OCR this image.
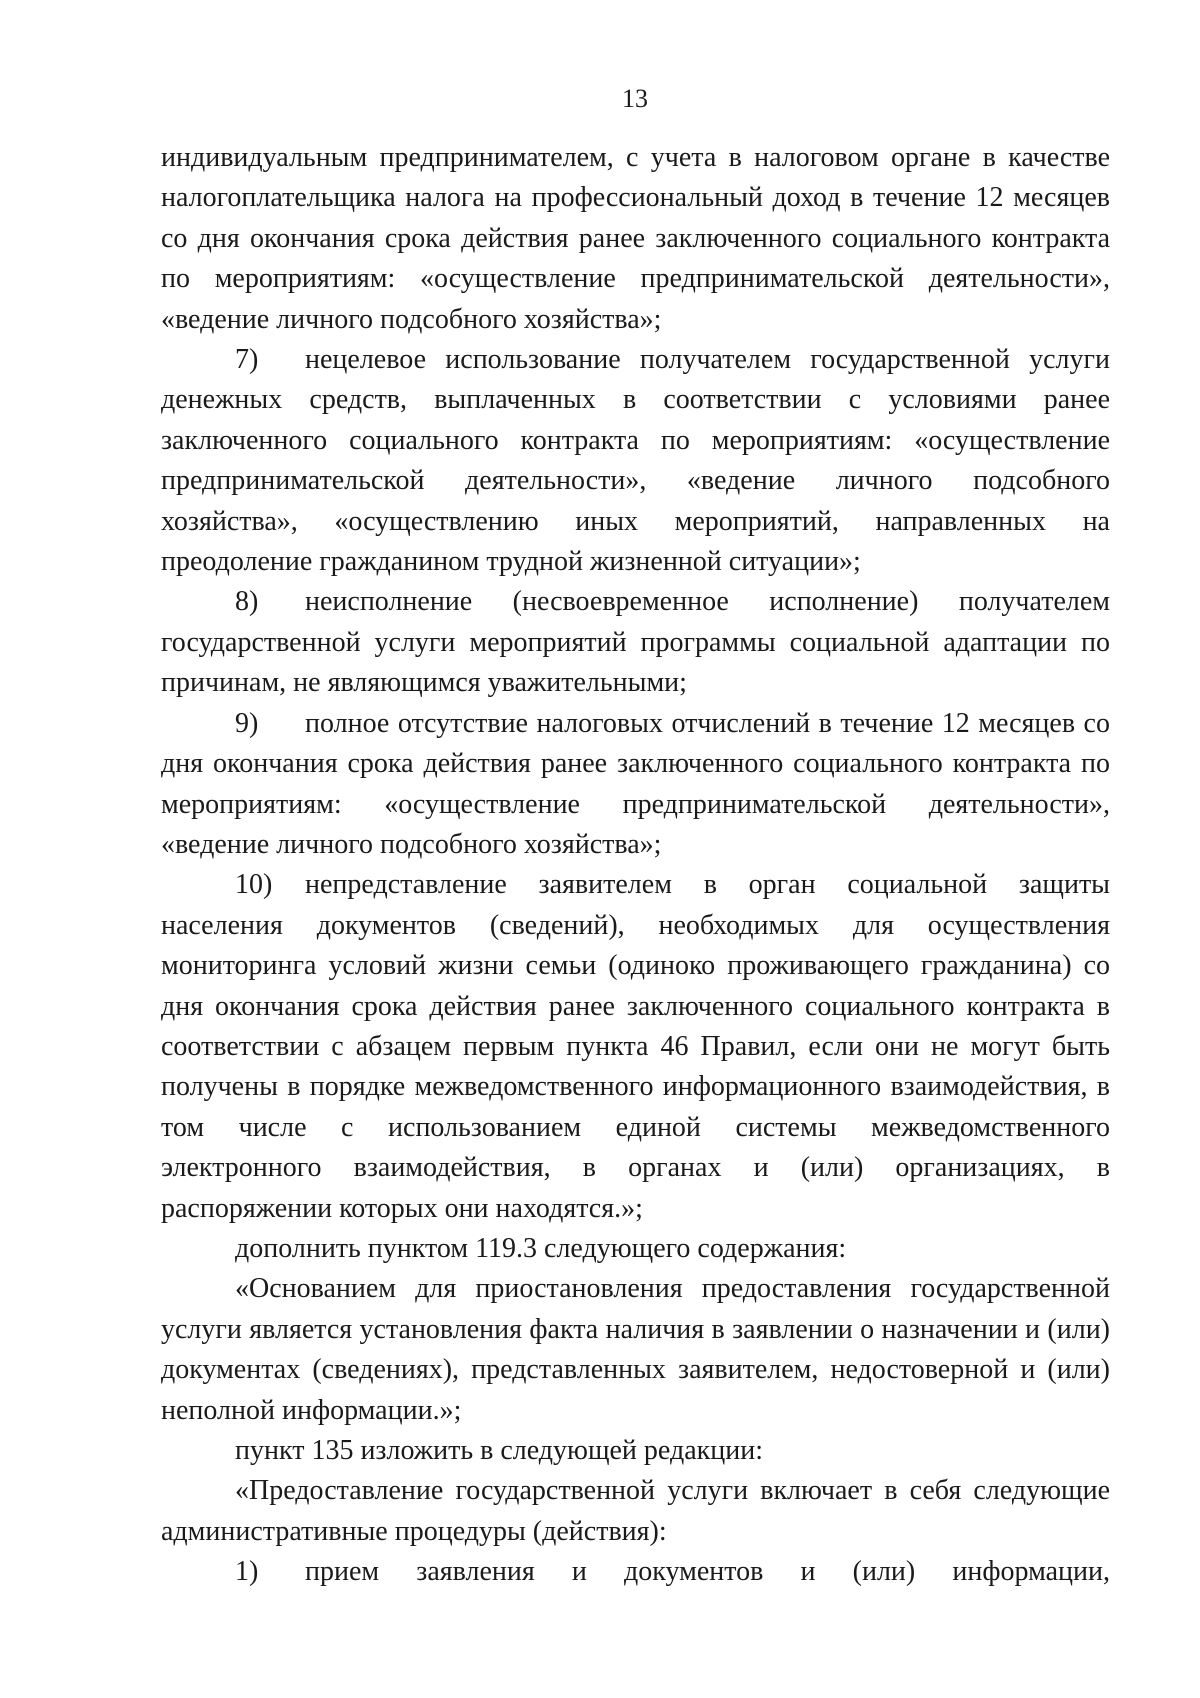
13

индивидуальным предпринимателем, с учета в налоговом органе в качестве налогоплательщика налога на профессиональный доход в течение 12 месяцев со дня окончания срока действия ранее заключенного социального контракта по мероприятиям: «осуществление предпринимательской деятельности», «ведение личного подсобного хозяйства»;

7) нецелевое использование получателем государственной услуги денежных средств, выплаченных в соответствии с условиями ранее заключенного социального контракта по мероприятиям: «осуществление предпринимательской деятельности», «ведение личного подсобного хозяйства», «осуществлению иных мероприятий, направленных на преодоление гражданином трудной жизненной ситуации»;

8) неисполнение (несвоевременное исполнение) получателем государственной услуги мероприятий программы социальной адаптации по причинам, не являющимся уважительными;

9) полное отсутствие налоговых отчислений в течение 12 месяцев со дня окончания срока действия ранее заключенного социального контракта по мероприятиям: «осуществление предпринимательской деятельности», «ведение личного подсобного хозяйства»;

10) непредставление заявителем в орган социальной защиты населения документов (сведений), необходимых для осуществления мониторинга условий жизни семьи (одиноко проживающего гражданина) со дня окончания срока действия ранее заключенного социального контракта в соответствии с абзацем первым пункта 46 Правил, если они не могут быть получены в порядке межведомственного информационного взаимодействия, в том числе с использованием единой системы межведомственного электронного взаимодействия, в органах и (или) организациях, в распоряжении которых они находятся.»;

дополнить пунктом 119.3 следующего содержания:

«Основанием для приостановления предоставления государственной услуги является установления факта наличия в заявлении о назначении и (или) документах (сведениях), представленных заявителем, недостоверной и (или) неполной информации.»;

пункт 135 изложить в следующей редакции:

«Предоставление государственной услуги включает в себя следующие административные процедуры (действия):

1) прием заявления и документов и (или) информации,
